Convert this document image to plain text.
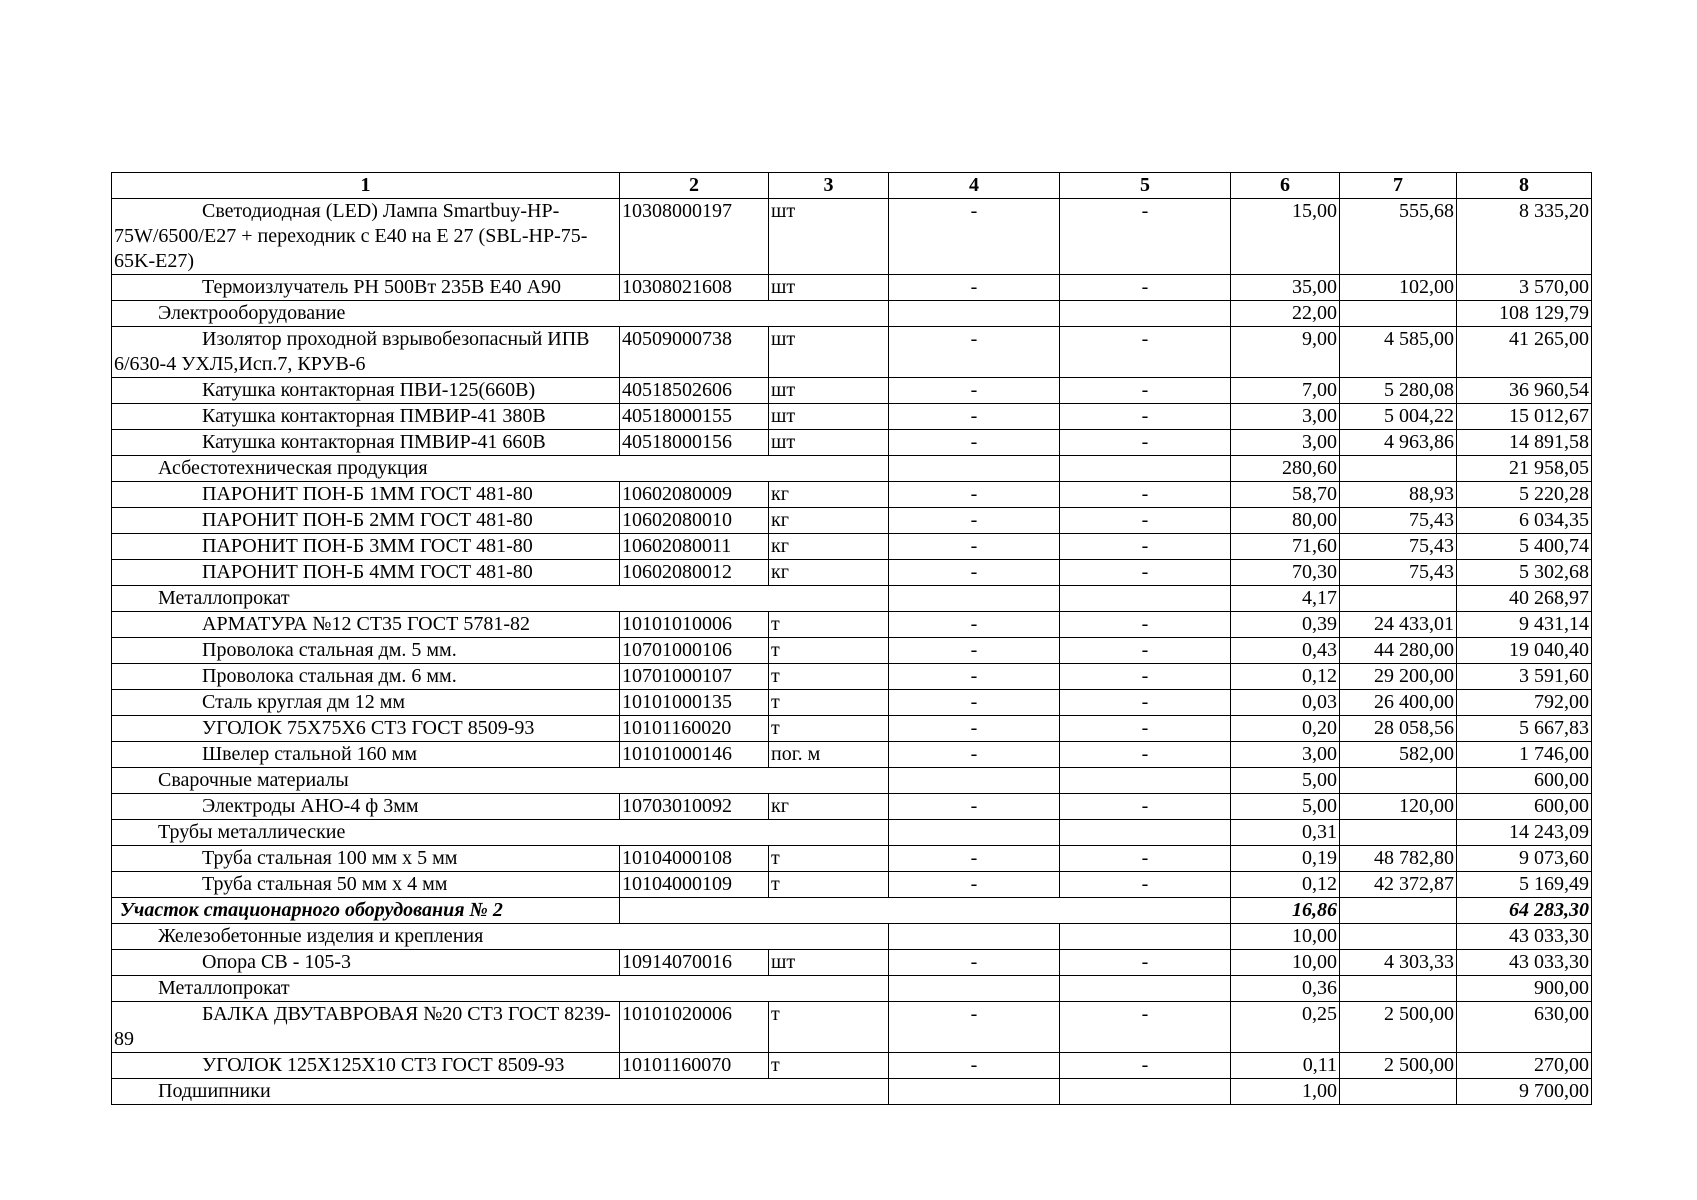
1	2	3	4	5	6	7	8
Светодиодная (LED) Лампа Smartbuy-HP-75W/6500/E27 + переходник с Е40 на Е 27 (SBL-HP-75-65K-E27)	10308000197	шт	-	-	15,00	555,68	8 335,20
Термоизлучатель РН 500Вт 235В Е40 А90	10308021608	шт	-	-	35,00	102,00	3 570,00
Электрооборудование					22,00		108 129,79
Изолятор проходной взрывобезопасный ИПВ 6/630-4 УХЛ5,Исп.7, КРУВ-6	40509000738	шт	-	-	9,00	4 585,00	41 265,00
Катушка контакторная ПВИ-125(660В)	40518502606	шт	-	-	7,00	5 280,08	36 960,54
Катушка контакторная ПМВИР-41 380В	40518000155	шт	-	-	3,00	5 004,22	15 012,67
Катушка контакторная ПМВИР-41 660В	40518000156	шт	-	-	3,00	4 963,86	14 891,58
Асбестотехническая продукция					280,60		21 958,05
ПАРОНИТ ПОН-Б 1ММ ГОСТ 481-80	10602080009	кг	-	-	58,70	88,93	5 220,28
ПАРОНИТ ПОН-Б 2ММ ГОСТ 481-80	10602080010	кг	-	-	80,00	75,43	6 034,35
ПАРОНИТ ПОН-Б 3ММ ГОСТ 481-80	10602080011	кг	-	-	71,60	75,43	5 400,74
ПАРОНИТ ПОН-Б 4ММ ГОСТ 481-80	10602080012	кг	-	-	70,30	75,43	5 302,68
Металлопрокат					4,17		40 268,97
АРМАТУРА №12 СТ35 ГОСТ 5781-82	10101010006	т	-	-	0,39	24 433,01	9 431,14
Проволока стальная дм. 5 мм.	10701000106	т	-	-	0,43	44 280,00	19 040,40
Проволока стальная дм. 6 мм.	10701000107	т	-	-	0,12	29 200,00	3 591,60
Сталь круглая дм 12 мм	10101000135	т	-	-	0,03	26 400,00	792,00
УГОЛОК 75Х75Х6 СТ3 ГОСТ 8509-93	10101160020	т	-	-	0,20	28 058,56	5 667,83
Швелер стальной 160 мм	10101000146	пог. м	-	-	3,00	582,00	1 746,00
Сварочные материалы					5,00		600,00
Электроды АНО-4 ф 3мм	10703010092	кг	-	-	5,00	120,00	600,00
Трубы металлические					0,31		14 243,09
Труба стальная 100 мм х 5 мм	10104000108	т	-	-	0,19	48 782,80	9 073,60
Труба стальная 50 мм х 4 мм	10104000109	т	-	-	0,12	42 372,87	5 169,49
Участок стационарного оборудования № 2					16,86		64 283,30
Железобетонные изделия и крепления					10,00		43 033,30
Опора СВ - 105-3	10914070016	шт	-	-	10,00	4 303,33	43 033,30
Металлопрокат					0,36		900,00
БАЛКА ДВУТАВРОВАЯ №20 СТ3 ГОСТ 8239-89	10101020006	т	-	-	0,25	2 500,00	630,00
УГОЛОК 125Х125Х10 СТ3 ГОСТ 8509-93	10101160070	т	-	-	0,11	2 500,00	270,00
Подшипники					1,00		9 700,00
